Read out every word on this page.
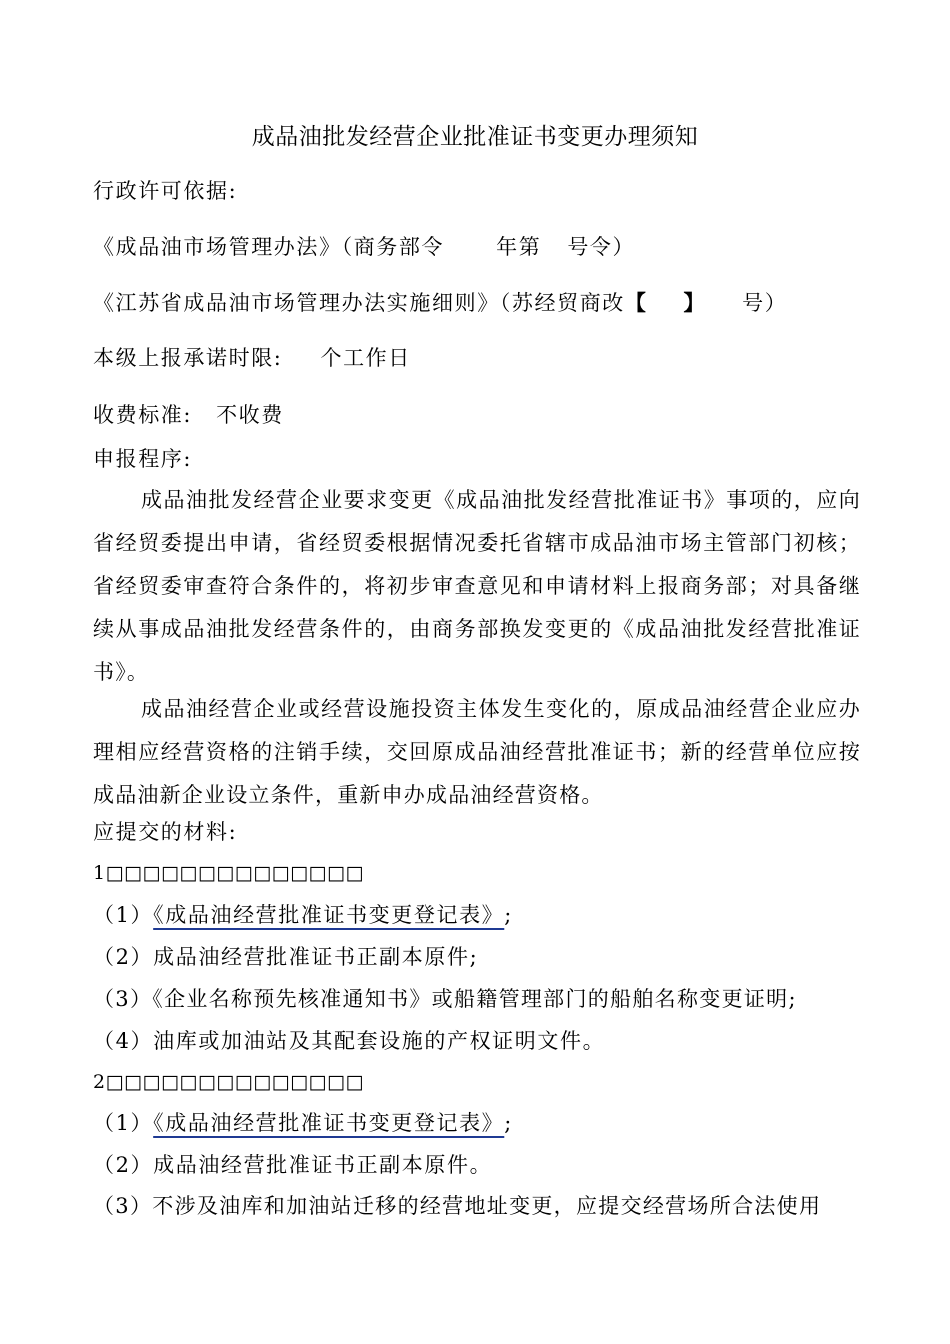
成品油批发经营企业批准证书变更办理须知
行政许可依据:
《成品油市场管理办法》（商务部令 年第 号令）
《江苏省成品油市场管理办法实施细则》（苏经贸商改【 】 号）
本级上报承诺时限: 个工作日
收费标准: 不收费
申报程序:
成品油批发经营企业要求变更《成品油批发经营批准证书》事项的，应向省经贸委提出申请，省经贸委根据情况委托省辖市成品油市场主管部门初核；省经贸委审查符合条件的，将初步审查意见和申请材料上报商务部；对具备继续从事成品油批发经营条件的，由商务部换发变更的《成品油批发经营批准证书》。
成品油经营企业或经营设施投资主体发生变化的，原成品油经营企业应办理相应经营资格的注销手续，交回原成品油经营批准证书；新的经营单位应按成品油新企业设立条件，重新申办成品油经营资格。
应提交的材料:
1□□□□□□□□□□□□□□
（1）《成品油经营批准证书变更登记表》;
（2）成品油经营批准证书正副本原件;
（3）《企业名称预先核准通知书》或船籍管理部门的船舶名称变更证明;
（4）油库或加油站及其配套设施的产权证明文件。
2□□□□□□□□□□□□□□
（1）《成品油经营批准证书变更登记表》;
（2）成品油经营批准证书正副本原件。
（3）不涉及油库和加油站迁移的经营地址变更，应提交经营场所合法使用
